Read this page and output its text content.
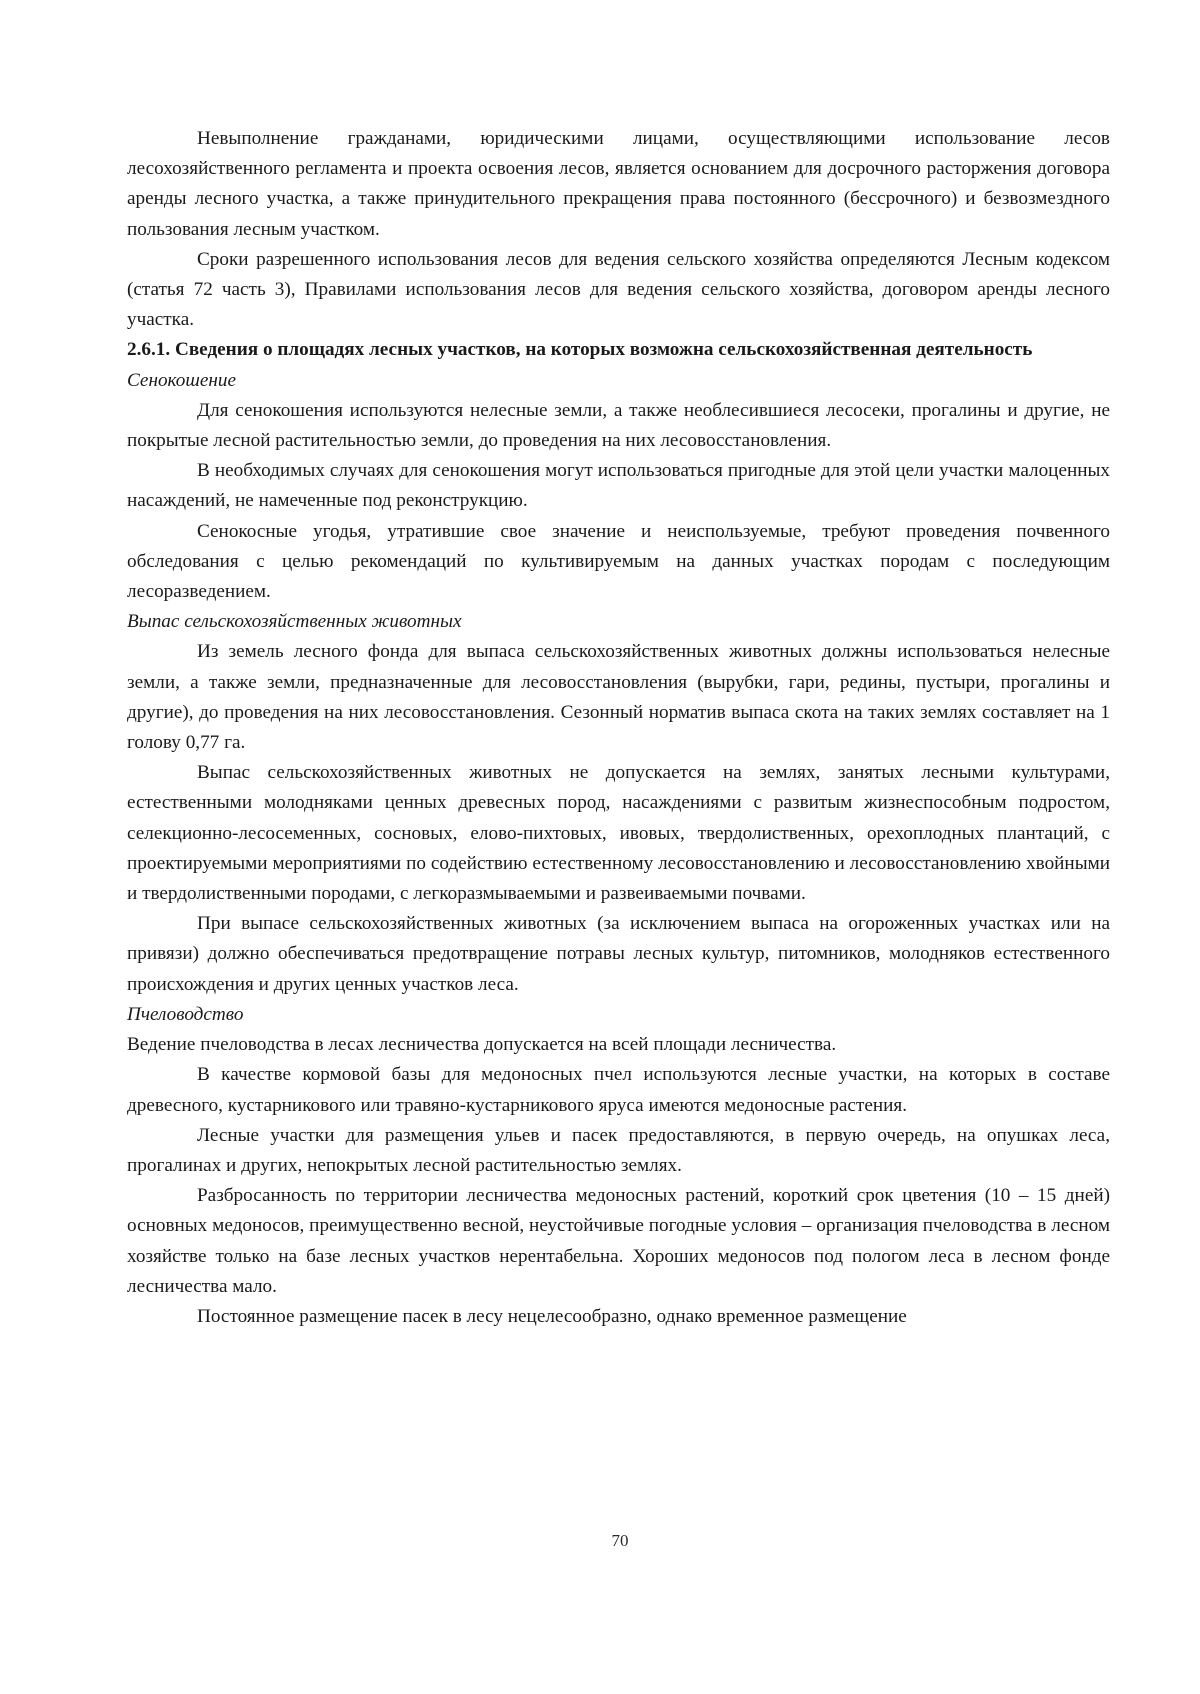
Невыполнение гражданами, юридическими лицами, осуществляющими использование лесов лесохозяйственного регламента и проекта освоения лесов, является основанием для досрочного расторжения договора аренды лесного участка, а также принудительного прекращения права постоянного (бессрочного) и безвозмездного пользования лесным участком.

Сроки разрешенного использования лесов для ведения сельского хозяйства определяются Лесным кодексом (статья 72 часть 3), Правилами использования лесов для ведения сельского хозяйства, договором аренды лесного участка.

2.6.1. Сведения о площадях лесных участков, на которых возможна сельскохозяйственная деятельность

Сенокошение

Для сенокошения используются нелесные земли, а также необлесившиеся лесосеки, прогалины и другие, не покрытые лесной растительностью земли, до проведения на них лесовосстановления.

В необходимых случаях для сенокошения могут использоваться пригодные для этой цели участки малоценных насаждений, не намеченные под реконструкцию.

Сенокосные угодья, утратившие свое значение и неиспользуемые, требуют проведения почвенного обследования с целью рекомендаций по культивируемым на данных участках породам с последующим лесоразведением.

Выпас сельскохозяйственных животных

Из земель лесного фонда для выпаса сельскохозяйственных животных должны использоваться нелесные земли, а также земли, предназначенные для лесовосстановления (вырубки, гари, редины, пустыри, прогалины и другие), до проведения на них лесовосстановления. Сезонный норматив выпаса скота на таких землях составляет на 1 голову 0,77 га.

Выпас сельскохозяйственных животных не допускается на землях, занятых лесными культурами, естественными молодняками ценных древесных пород, насаждениями с развитым жизнеспособным подростом, селекционно-лесосеменных, сосновых, елово-пихтовых, ивовых, твердолиственных, орехоплодных плантаций, с проектируемыми мероприятиями по содействию естественному лесовосстановлению и лесовосстановлению хвойными и твердолиственными породами, с легкоразмываемыми и развеиваемыми почвами.

При выпасе сельскохозяйственных животных (за исключением выпаса на огороженных участках или на привязи) должно обеспечиваться предотвращение потравы лесных культур, питомников, молодняков естественного происхождения и других ценных участков леса.

Пчеловодство

Ведение пчеловодства в лесах лесничества допускается на всей площади лесничества.

В качестве кормовой базы для медоносных пчел используются лесные участки, на которых в составе древесного, кустарникового или травяно-кустарникового яруса имеются медоносные растения.

Лесные участки для размещения ульев и пасек предоставляются, в первую очередь, на опушках леса, прогалинах и других, непокрытых лесной растительностью землях.

Разбросанность по территории лесничества медоносных растений, короткий срок цветения (10 – 15 дней) основных медоносов, преимущественно весной, неустойчивые погодные условия – организация пчеловодства в лесном хозяйстве только на базе лесных участков нерентабельна. Хороших медоносов под пологом леса в лесном фонде лесничества мало.

Постоянное размещение пасек в лесу нецелесообразно, однако временное размещение

70
